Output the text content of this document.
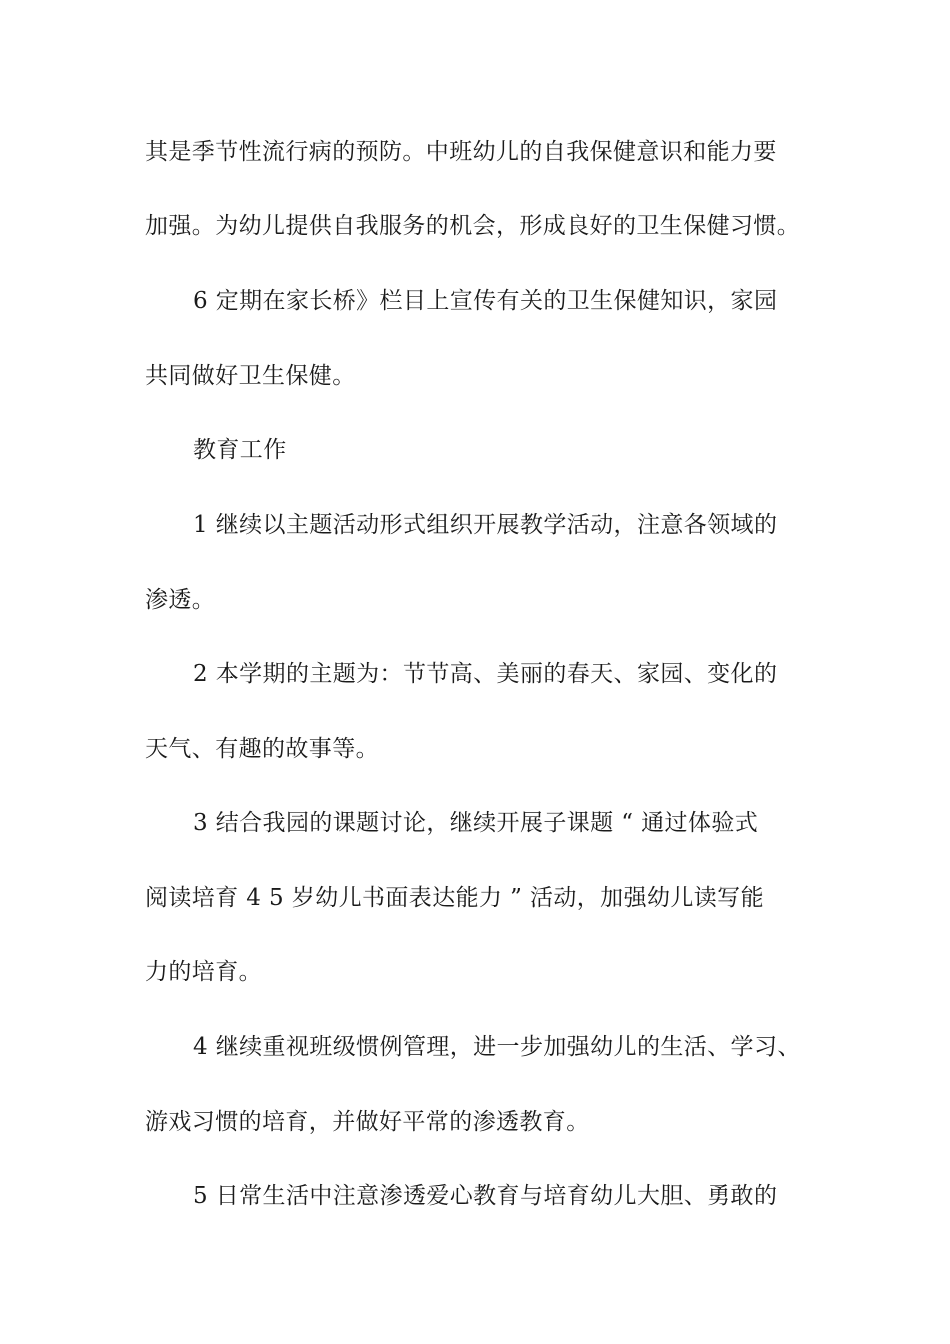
其是季节性流行病的预防。中班幼儿的自我保健意识和能力要
加强。为幼儿提供自我服务的机会，形成良好的卫生保健习惯。
6 定期在家长桥》栏目上宣传有关的卫生保健知识，家园
共同做好卫生保健。
教育工作
1 继续以主题活动形式组织开展教学活动，注意各领域的
渗透。
2 本学期的主题为：节节高、美丽的春天、家园、变化的
天气、有趣的故事等。
3 结合我园的课题讨论，继续开展子课题 “ 通过体验式
阅读培育 4 5 岁幼儿书面表达能力 ” 活动，加强幼儿读写能
力的培育。
4 继续重视班级惯例管理，进一步加强幼儿的生活、学习、
游戏习惯的培育，并做好平常的渗透教育。
5 日常生活中注意渗透爱心教育与培育幼儿大胆、勇敢的
